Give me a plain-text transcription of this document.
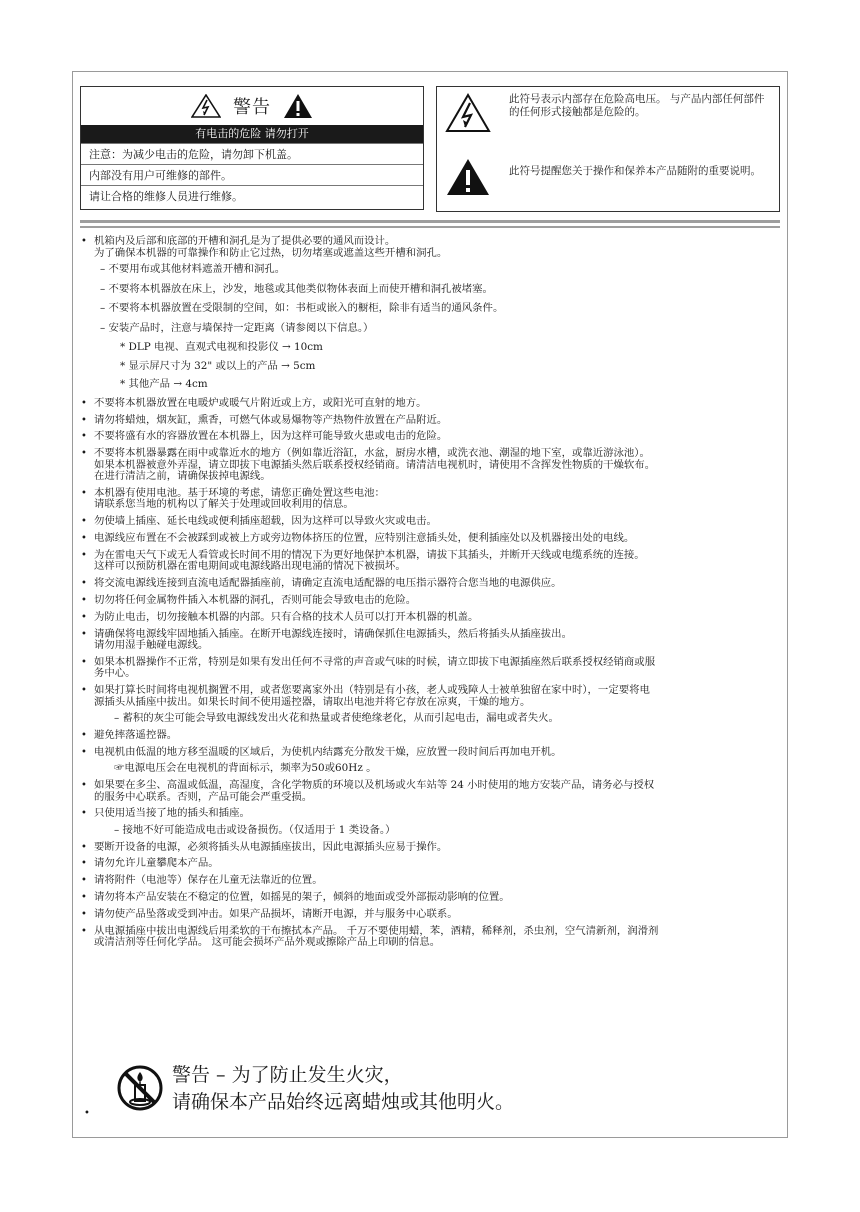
警告
有电击的危险 请勿打开
注意：为减少电击的危险，请勿卸下机盖。
内部没有用户可维修的部件。
请让合格的维修人员进行维修。
此符号表示内部存在危险高电压。 与产品内部任何部件的任何形式接触都是危险的。
此符号提醒您关于操作和保养本产品随附的重要说明。
• 机箱内及后部和底部的开槽和洞孔是为了提供必要的通风而设计。
为了确保本机器的可靠操作和防止它过热，切勿堵塞或遮盖这些开槽和洞孔。
– 不要用布或其他材料遮盖开槽和洞孔。
– 不要将本机器放在床上，沙发，地毯或其他类似物体表面上而使开槽和洞孔被堵塞。
– 不要将本机器放置在受限制的空间，如：书柜或嵌入的橱柜，除非有适当的通风条件。
– 安装产品时，注意与墙保持一定距离（请参阅以下信息。）
* DLP 电视、直观式电视和投影仪 → 10cm
* 显示屏尺寸为 32" 或以上的产品 → 5cm
* 其他产品 → 4cm
• 不要将本机器放置在电暖炉或暖气片附近或上方，或阳光可直射的地方。
• 请勿将蜡烛，烟灰缸，熏香，可燃气体或易爆物等产热物件放置在产品附近。
• 不要将盛有水的容器放置在本机器上，因为这样可能导致火患或电击的危险。
• 不要将本机器暴露在雨中或靠近水的地方（例如靠近浴缸，水盆，厨房水槽，或洗衣池、潮湿的地下室，或靠近游泳池）。
如果本机器被意外弄湿，请立即拔下电源插头然后联系授权经销商。请清洁电视机时，请使用不含挥发性物质的干燥软布。
在进行清洁之前，请确保拔掉电源线。
• 本机器有使用电池。基于环境的考虑，请您正确处置这些电池：
请联系您当地的机构以了解关于处理或回收利用的信息。
• 勿使墙上插座、延长电线或便利插座超载，因为这样可以导致火灾或电击。
• 电源线应布置在不会被踩到或被上方或旁边物体挤压的位置，应特别注意插头处，便利插座处以及机器接出处的电线。
• 为在雷电天气下或无人看管或长时间不用的情况下为更好地保护本机器，请拔下其插头，并断开天线或电缆系统的连接。
这样可以预防机器在雷电期间或电源线路出现电涌的情况下被损坏。
• 将交流电源线连接到直流电适配器插座前，请确定直流电适配器的电压指示器符合您当地的电源供应。
• 切勿将任何金属物件插入本机器的洞孔，否则可能会导致电击的危险。
• 为防止电击，切勿接触本机器的内部。只有合格的技术人员可以打开本机器的机盖。
• 请确保将电源线牢固地插入插座。在断开电源线连接时，请确保抓住电源插头，然后将插头从插座拔出。
请勿用湿手触碰电源线。
• 如果本机器操作不正常，特别是如果有发出任何不寻常的声音或气味的时候，请立即拔下电源插座然后联系授权经销商或服
务中心。
• 如果打算长时间将电视机搁置不用，或者您要离家外出（特别是有小孩，老人或残障人士被单独留在家中时），一定要将电
源插头从插座中拔出。如果长时间不使用遥控器，请取出电池并将它存放在凉爽，干燥的地方。
– 蓄积的灰尘可能会导致电源线发出火花和热量或者使绝缘老化，从而引起电击，漏电或者失火。
• 避免摔落遥控器。
• 电视机由低温的地方移至温暖的区域后，为使机内结露充分散发干燥，应放置一段时间后再加电开机。
☞电源电压会在电视机的背面标示，频率为50或60Hz 。
• 如果要在多尘、高温或低温，高湿度，含化学物质的环境以及机场或火车站等 24 小时使用的地方安装产品，请务必与授权
的服务中心联系。否则，产品可能会严重受损。
• 只使用适当接了地的插头和插座。
– 接地不好可能造成电击或设备损伤。（仅适用于 1 类设备。）
• 要断开设备的电源，必须将插头从电源插座拔出，因此电源插头应易于操作。
• 请勿允许儿童攀爬本产品。
• 请将附件（电池等）保存在儿童无法靠近的位置。
• 请勿将本产品安装在不稳定的位置，如摇晃的架子，倾斜的地面或受外部振动影响的位置。
• 请勿使产品坠落或受到冲击。如果产品损坏，请断开电源，并与服务中心联系。
• 从电源插座中拔出电源线后用柔软的干布擦拭本产品。 千万不要使用蜡，苯，酒精，稀释剂，杀虫剂，空气清新剂，润滑剂
或清洁剂等任何化学品。 这可能会损坏产品外观或擦除产品上印刷的信息。
•
警告 – 为了防止发生火灾，
请确保本产品始终远离蜡烛或其他明火。
